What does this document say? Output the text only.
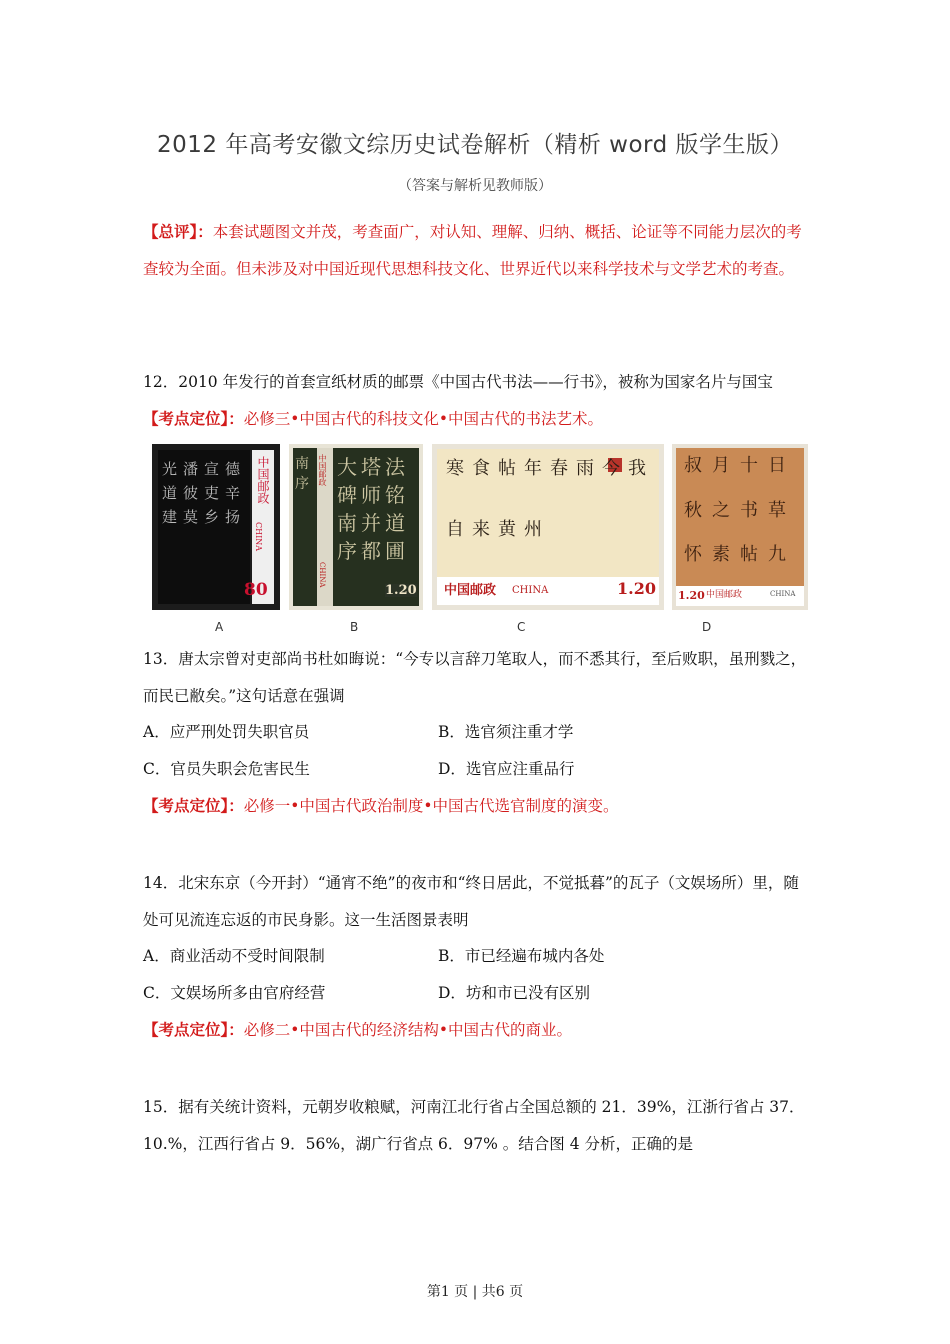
2012 年高考安徽文综历史试卷解析（精析 word 版学生版）
（答案与解析见教师版）

【总评】：本套试题图文并茂，考查面广，对认知、理解、归纳、概括、论证等不同能力层次的考查较为全面。但未涉及对中国近现代思想科技文化、世界近代以来科学技术与文学艺术的考查。

12．2010 年发行的首套宣纸材质的邮票《中国古代书法——行书》，被称为国家名片与国宝

【考点定位】：必修三•中国古代的科技文化•中国古代的书法艺术。

中国邮政
CHINA
80
光 潘 宣 德
道 彼 吏 辛
建 莫 乡 扬
A
中国邮政
CHINA
1.20
大 塔 法
碑 师 铭
南 并 道
序 都 圃
南
序
B
寒 食 帖 年 春 雨 今 我
自 来 黄 州
中国邮政 CHINA	1.20
C
叔 月 十 日
秋 之 书 草
怀 素 帖 九
1.20 中国邮政	CHINA
D

13．唐太宗曾对吏部尚书杜如晦说：“今专以言辞刀笔取人，而不悉其行，至后败职，虽刑戮之，而民已敝矣。”这句话意在强调

A．应严刑处罚失职官员	B．选官须注重才学

C．官员失职会危害民生	D．选官应注重品行

【考点定位】：必修一•中国古代政治制度•中国古代选官制度的演变。

14．北宋东京（今开封）“通宵不绝”的夜市和“终日居此，不觉抵暮”的瓦子（文娱场所）里，随处可见流连忘返的市民身影。这一生活图景表明

A．商业活动不受时间限制	B．市已经遍布城内各处

C．文娱场所多由官府经营	D．坊和市已没有区别

【考点定位】：必修二•中国古代的经济结构•中国古代的商业。

15．据有关统计资料，元朝岁收粮赋，河南江北行省占全国总额的 21．39%，江浙行省占 37．10.%，江西行省占 9．56%，湖广行省点 6．97% 。结合图 4 分析，正确的是

第1 页 | 共6 页
